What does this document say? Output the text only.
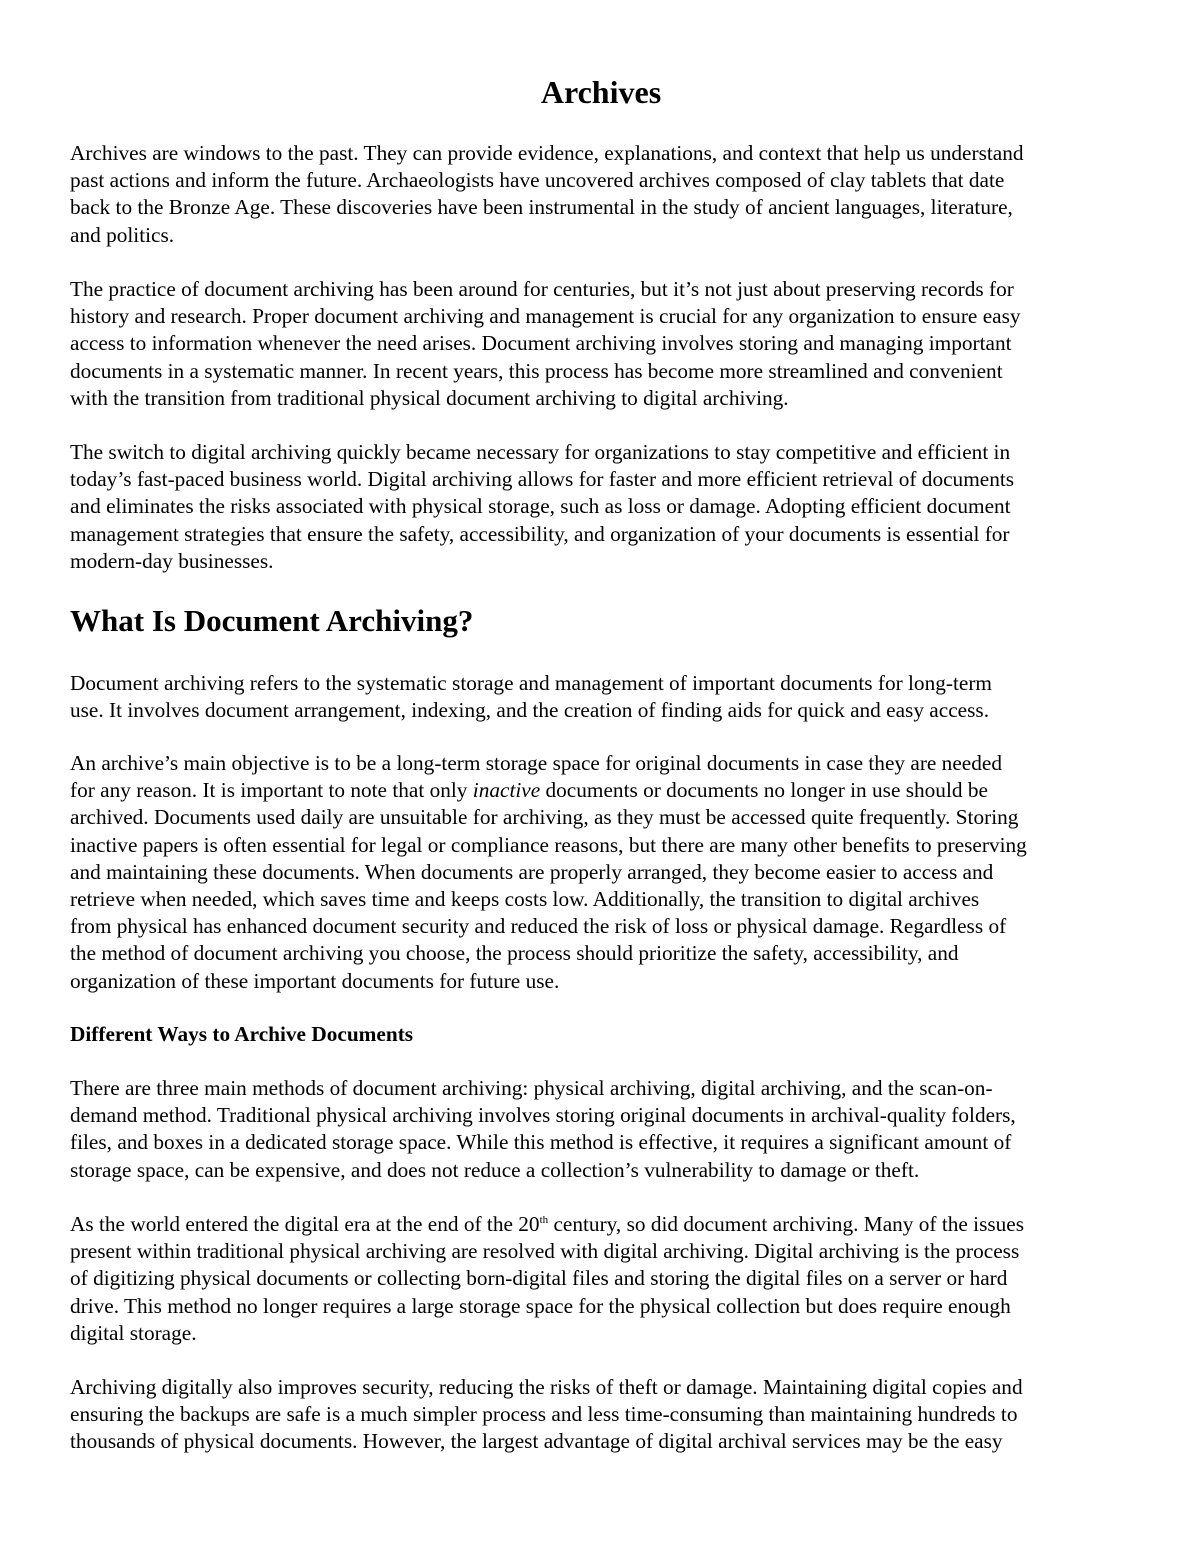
Archives

Archives are windows to the past. They can provide evidence, explanations, and context that help us understand
past actions and inform the future. Archaeologists have uncovered archives composed of clay tablets that date
back to the Bronze Age. These discoveries have been instrumental in the study of ancient languages, literature,
and politics.

The practice of document archiving has been around for centuries, but it’s not just about preserving records for
history and research. Proper document archiving and management is crucial for any organization to ensure easy
access to information whenever the need arises. Document archiving involves storing and managing important
documents in a systematic manner. In recent years, this process has become more streamlined and convenient
with the transition from traditional physical document archiving to digital archiving.

The switch to digital archiving quickly became necessary for organizations to stay competitive and efficient in
today’s fast-paced business world. Digital archiving allows for faster and more efficient retrieval of documents
and eliminates the risks associated with physical storage, such as loss or damage. Adopting efficient document
management strategies that ensure the safety, accessibility, and organization of your documents is essential for
modern-day businesses.

What Is Document Archiving?

Document archiving refers to the systematic storage and management of important documents for long-term
use. It involves document arrangement, indexing, and the creation of finding aids for quick and easy access.

An archive’s main objective is to be a long-term storage space for original documents in case they are needed
for any reason. It is important to note that only inactive documents or documents no longer in use should be
archived. Documents used daily are unsuitable for archiving, as they must be accessed quite frequently. Storing
inactive papers is often essential for legal or compliance reasons, but there are many other benefits to preserving
and maintaining these documents. When documents are properly arranged, they become easier to access and
retrieve when needed, which saves time and keeps costs low. Additionally, the transition to digital archives
from physical has enhanced document security and reduced the risk of loss or physical damage. Regardless of
the method of document archiving you choose, the process should prioritize the safety, accessibility, and
organization of these important documents for future use.

Different Ways to Archive Documents

There are three main methods of document archiving: physical archiving, digital archiving, and the scan-on-
demand method. Traditional physical archiving involves storing original documents in archival-quality folders,
files, and boxes in a dedicated storage space. While this method is effective, it requires a significant amount of
storage space, can be expensive, and does not reduce a collection’s vulnerability to damage or theft.

As the world entered the digital era at the end of the 20th century, so did document archiving. Many of the issues
present within traditional physical archiving are resolved with digital archiving. Digital archiving is the process
of digitizing physical documents or collecting born-digital files and storing the digital files on a server or hard
drive. This method no longer requires a large storage space for the physical collection but does require enough
digital storage.

Archiving digitally also improves security, reducing the risks of theft or damage. Maintaining digital copies and
ensuring the backups are safe is a much simpler process and less time-consuming than maintaining hundreds to
thousands of physical documents. However, the largest advantage of digital archival services may be the easy
